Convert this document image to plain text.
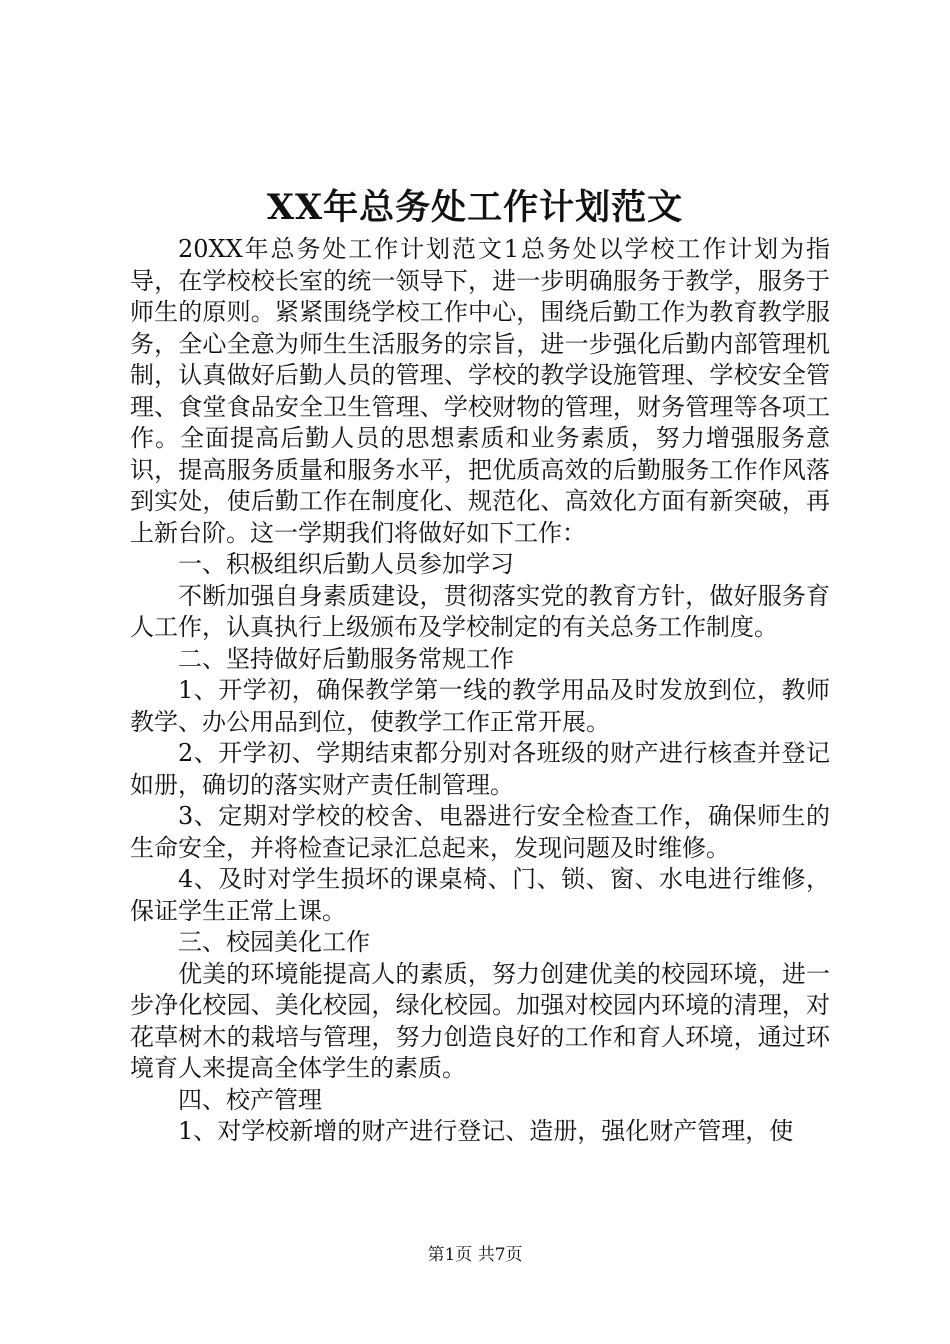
XX年总务处工作计划范文

20XX年总务处工作计划范文1总务处以学校工作计划为指导，在学校校长室的统一领导下，进一步明确服务于教学，服务于师生的原则。紧紧围绕学校工作中心，围绕后勤工作为教育教学服务，全心全意为师生生活服务的宗旨，进一步强化后勤内部管理机制，认真做好后勤人员的管理、学校的教学设施管理、学校安全管理、食堂食品安全卫生管理、学校财物的管理，财务管理等各项工作。全面提高后勤人员的思想素质和业务素质，努力增强服务意识，提高服务质量和服务水平，把优质高效的后勤服务工作作风落到实处，使后勤工作在制度化、规范化、高效化方面有新突破，再上新台阶。这一学期我们将做好如下工作：

一、积极组织后勤人员参加学习

不断加强自身素质建设，贯彻落实党的教育方针，做好服务育人工作，认真执行上级颁布及学校制定的有关总务工作制度。

二、坚持做好后勤服务常规工作

1、开学初，确保教学第一线的教学用品及时发放到位，教师教学、办公用品到位，使教学工作正常开展。

2、开学初、学期结束都分别对各班级的财产进行核查并登记如册，确切的落实财产责任制管理。

3、定期对学校的校舍、电器进行安全检查工作，确保师生的生命安全，并将检查记录汇总起来，发现问题及时维修。

4、及时对学生损坏的课桌椅、门、锁、窗、水电进行维修，保证学生正常上课。

三、校园美化工作

优美的环境能提高人的素质，努力创建优美的校园环境，进一步净化校园、美化校园，绿化校园。加强对校园内环境的清理，对花草树木的栽培与管理，努力创造良好的工作和育人环境，通过环境育人来提高全体学生的素质。

四、校产管理

1、对学校新增的财产进行登记、造册，强化财产管理，使

第1页 共7页
